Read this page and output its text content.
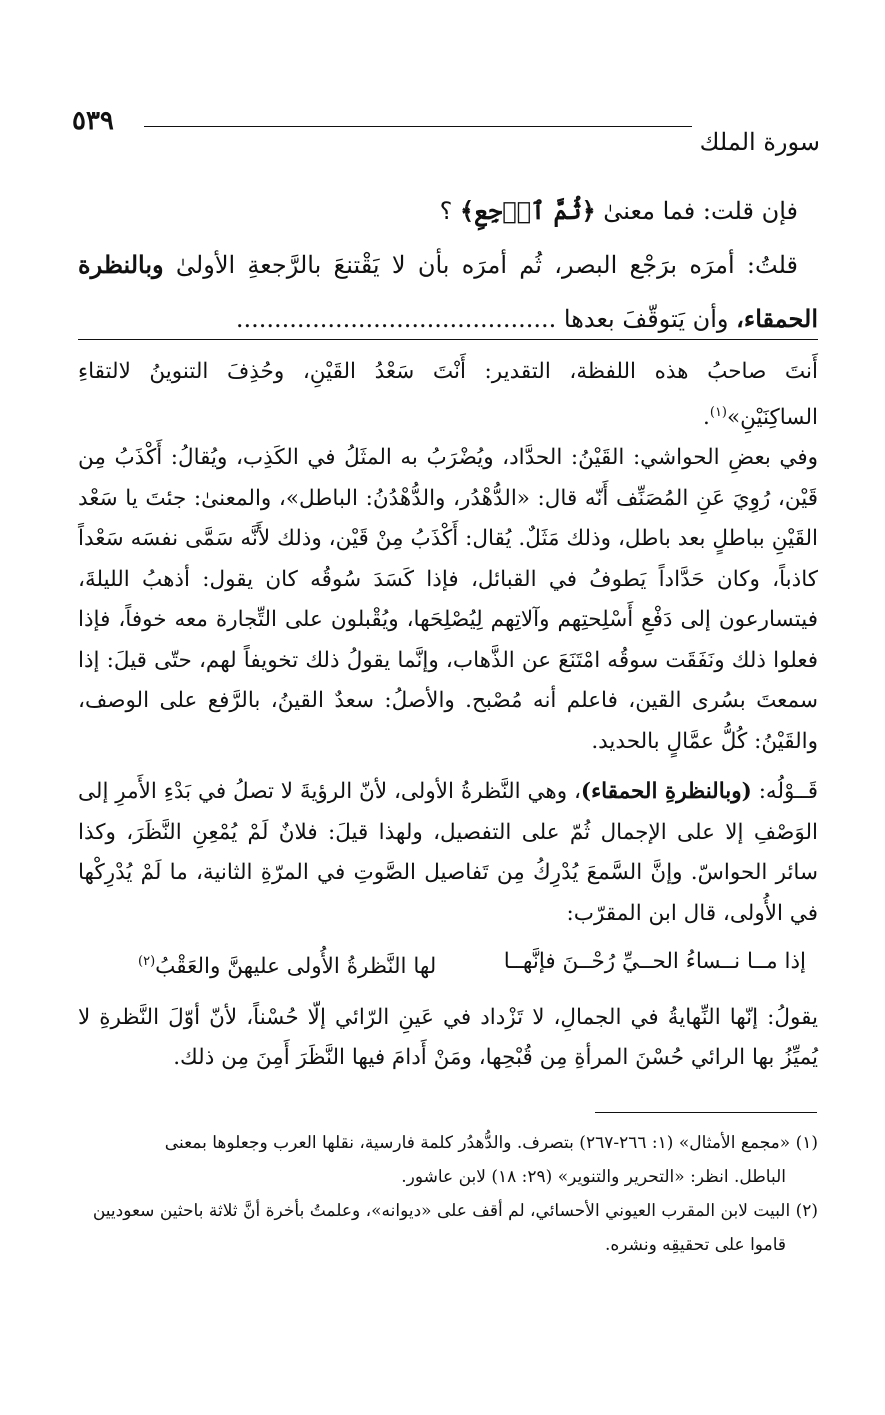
سورة الملك
٥٣٩

فإن قلت: فما معنىٰ ﴿ثُمَّ ٱرۡجِعِ﴾ ؟

قلتُ: أمرَه برَجْع البصر، ثُم أمرَه بأن لا يَقْتنعَ بالرَّجعةِ الأولىٰ وبالنظرة الحمقاء، وأن يَتوقّفَ بعدها ..........................................

أَنتَ صاحبُ هذه اللفظة، التقدير: أَنْتَ سَعْدُ القَيْنِ، وحُذِفَ التنوينُ لالتقاءِ الساكِنَيْنِ»$^{(١)}$.

وفي بعضِ الحواشي: القَيْنُ: الحدَّاد، ويُضْرَبُ به المثَلُ في الكَذِب، ويُقالُ: أَكْذَبُ مِن قَيْن، رُوِيَ عَنِ المُصَنِّف أَنّه قال: «الدُّهْدُر، والدُّهْدُنُ: الباطل»، والمعنىٰ: جئتَ يا سَعْد القَيْنِ بباطلٍ بعد باطل، وذلك مَثَلٌ. يُقال: أَكْذَبُ مِنْ قَيْن، وذلك لأَنَّه سَمَّى نفسَه سَعْداً كاذباً، وكان حَدَّاداً يَطوفُ في القبائل، فإذا كَسَدَ سُوقُه كان يقول: أذهبُ الليلةَ، فيتسارعون إلى دَفْعِ أَسْلِحتِهم وآلاتِهم لِيُصْلِحَها، ويُقْبلون على التِّجارة معه خوفاً، فإذا فعلوا ذلك ونَفَقَت سوقُه امْتَنَعَ عن الذَّهاب، وإنَّما يقولُ ذلك تخويفاً لهم، حتّى قيلَ: إذا سمعتَ بسُرى القين، فاعلم أنه مُصْبح. والأصلُ: سعدٌ القينُ، بالرَّفع على الوصف، والقَيْنُ: كُلُّ عمَّالٍ بالحديد.

قَــوْلُه: (وبالنظرةِ الحمقاء)، وهي النَّظرةُ الأولى، لأنّ الرؤيةَ لا تصلُ في بَدْءِ الأَمرِ إلى الوَصْفِ إلا على الإجمال ثُمّ على التفصيل، ولهذا قيلَ: فلانٌ لَمْ يُمْعِنِ النَّظَرَ، وكذا سائر الحواسّ. وإنَّ السَّمعَ يُدْرِكُ مِن تَفاصيل الصَّوتِ في المرّةِ الثانية، ما لَمْ يُدْرِكْها في الأُولى، قال ابن المقرّب:

إذا مــا نــساءُ الحــيِّ رُحْــنَ فإنَّهــا
لها النَّظرةُ الأُولى عليهنَّ والعَقْبُ$^{(٢)}$

يقولُ: إنّها النِّهايةُ في الجمالِ، لا تَزْداد في عَينِ الرّائي إلّا حُسْناً، لأنّ أوّلَ النَّظرةِ لا يُميِّزُ بها الرائي حُسْنَ المرأةِ مِن قُبْحِها، ومَنْ أَدامَ فيها النَّظَرَ أَمِنَ مِن ذلك.

(١) «مجمع الأمثال» (١: ٢٦٦-٢٦٧) بتصرف. والدُّهدُر كلمة فارسية، نقلها العرب وجعلوها بمعنى

الباطل. انظر: «التحرير والتنوير» (٢٩: ١٨) لابن عاشور.

(٢) البيت لابن المقرب العيوني الأحسائي، لم أقف على «ديوانه»، وعلمتُ بأخرة أنَّ ثلاثة باحثين سعوديين

قاموا على تحقيقِه ونشره.
